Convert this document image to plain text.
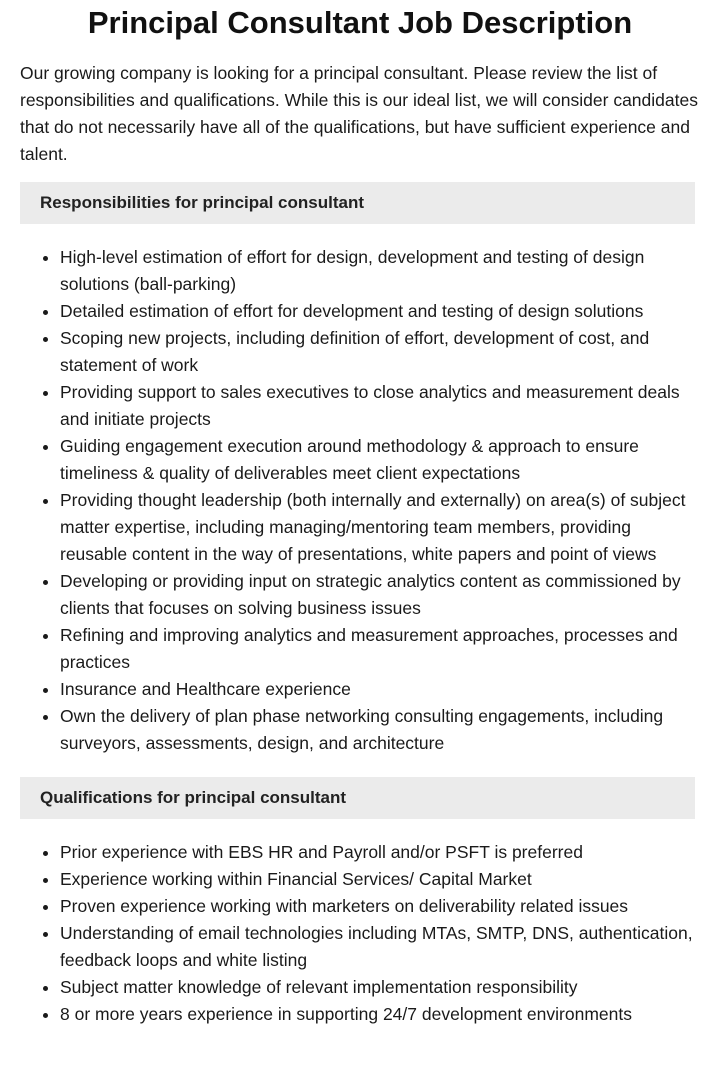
Principal Consultant Job Description

Our growing company is looking for a principal consultant. Please review the list of responsibilities and qualifications. While this is our ideal list, we will consider candidates that do not necessarily have all of the qualifications, but have sufficient experience and talent.

Responsibilities for principal consultant
• High-level estimation of effort for design, development and testing of design solutions (ball-parking)
• Detailed estimation of effort for development and testing of design solutions
• Scoping new projects, including definition of effort, development of cost, and statement of work
• Providing support to sales executives to close analytics and measurement deals and initiate projects
• Guiding engagement execution around methodology & approach to ensure timeliness & quality of deliverables meet client expectations
• Providing thought leadership (both internally and externally) on area(s) of subject matter expertise, including managing/mentoring team members, providing reusable content in the way of presentations, white papers and point of views
• Developing or providing input on strategic analytics content as commissioned by clients that focuses on solving business issues
• Refining and improving analytics and measurement approaches, processes and practices
• Insurance and Healthcare experience
• Own the delivery of plan phase networking consulting engagements, including surveyors, assessments, design, and architecture
Qualifications for principal consultant
• Prior experience with EBS HR and Payroll and/or PSFT is preferred
• Experience working within Financial Services/ Capital Market
• Proven experience working with marketers on deliverability related issues
• Understanding of email technologies including MTAs, SMTP, DNS, authentication, feedback loops and white listing
• Subject matter knowledge of relevant implementation responsibility
• 8 or more years experience in supporting 24/7 development environments
